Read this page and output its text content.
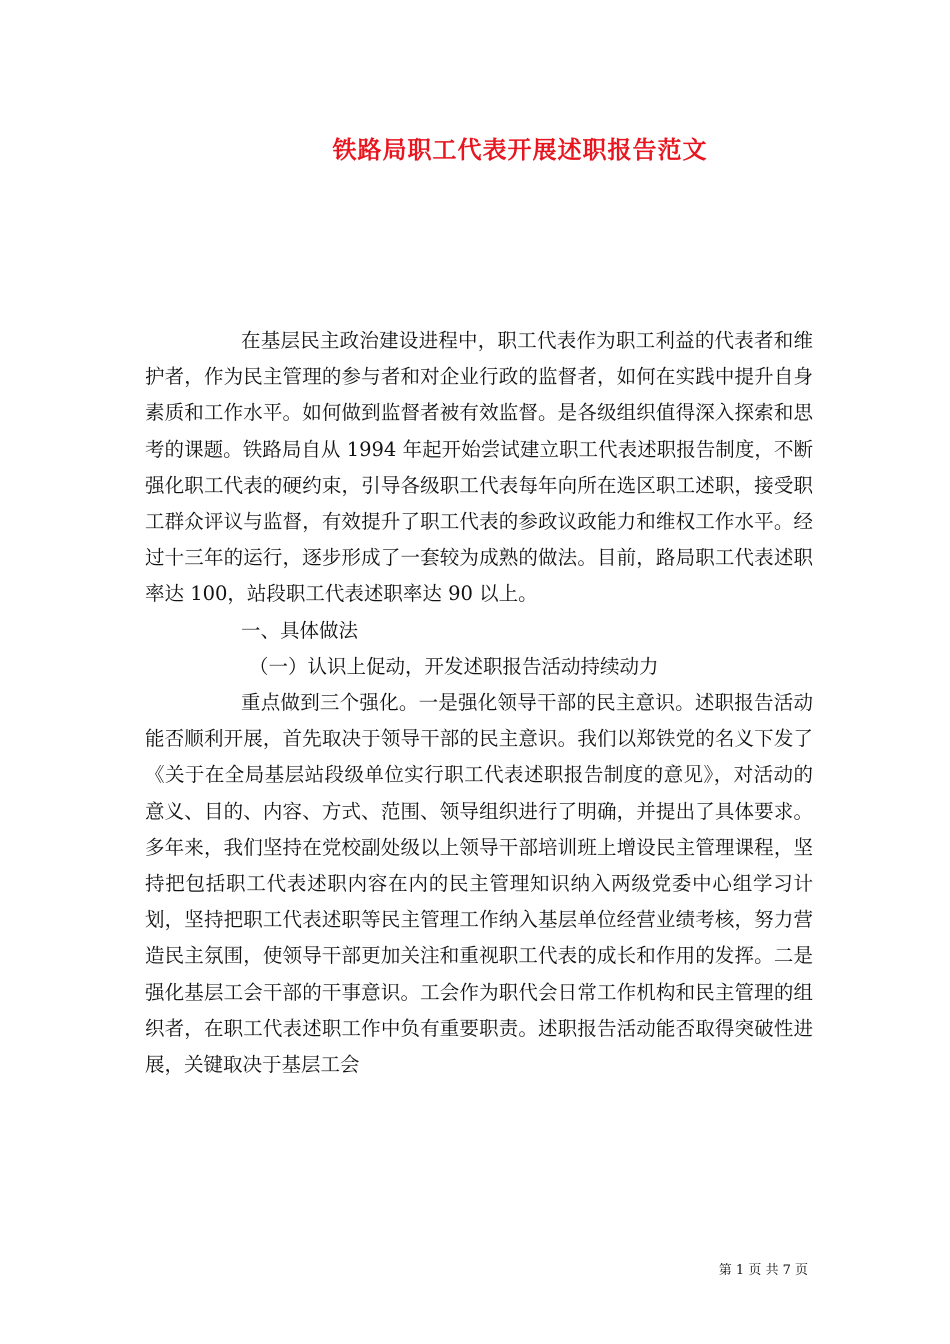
铁路局职工代表开展述职报告范文

在基层民主政治建设进程中，职工代表作为职工利益的代表者和维护者，作为民主管理的参与者和对企业行政的监督者，如何在实践中提升自身素质和工作水平。如何做到监督者被有效监督。是各级组织值得深入探索和思考的课题。铁路局自从 1994 年起开始尝试建立职工代表述职报告制度，不断强化职工代表的硬约束，引导各级职工代表每年向所在选区职工述职，接受职工群众评议与监督，有效提升了职工代表的参政议政能力和维权工作水平。经过十三年的运行，逐步形成了一套较为成熟的做法。目前，路局职工代表述职率达 100，站段职工代表述职率达 90 以上。

一、具体做法

（一）认识上促动，开发述职报告活动持续动力

重点做到三个强化。一是强化领导干部的民主意识。述职报告活动能否顺利开展，首先取决于领导干部的民主意识。我们以郑铁党的名义下发了《关于在全局基层站段级单位实行职工代表述职报告制度的意见》，对活动的意义、目的、内容、方式、范围、领导组织进行了明确，并提出了具体要求。多年来，我们坚持在党校副处级以上领导干部培训班上增设民主管理课程，坚持把包括职工代表述职内容在内的民主管理知识纳入两级党委中心组学习计划，坚持把职工代表述职等民主管理工作纳入基层单位经营业绩考核，努力营造民主氛围，使领导干部更加关注和重视职工代表的成长和作用的发挥。二是强化基层工会干部的干事意识。工会作为职代会日常工作机构和民主管理的组织者，在职工代表述职工作中负有重要职责。述职报告活动能否取得突破性进展，关键取决于基层工会

第 1 页 共 7 页
